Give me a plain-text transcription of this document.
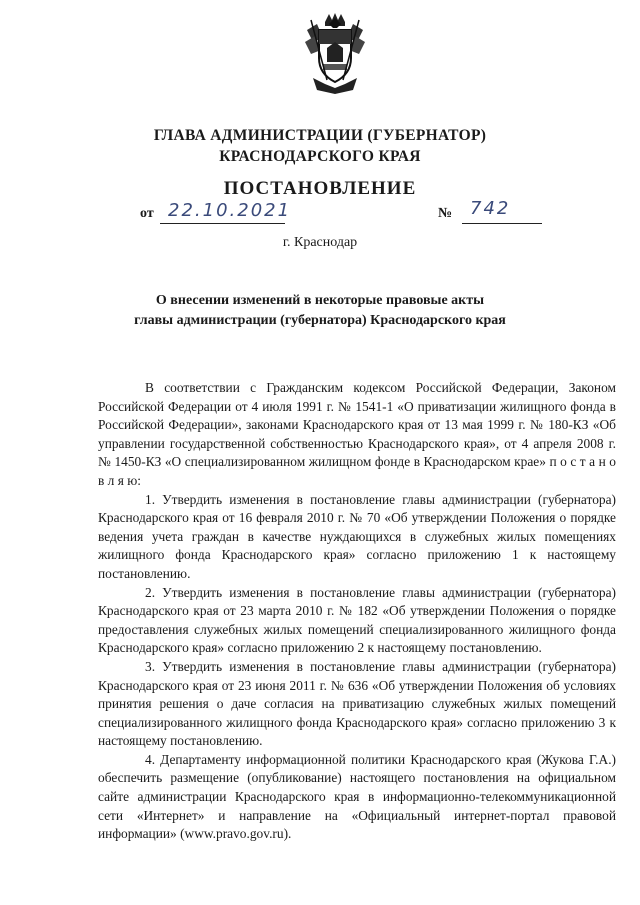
ГЛАВА АДМИНИСТРАЦИИ (ГУБЕРНАТОР)
КРАСНОДАРСКОГО КРАЯ
ПОСТАНОВЛЕНИЕ
от 22.10.2021	№ 742
г. Краснодар
О внесении изменений в некоторые правовые акты
главы администрации (губернатора) Краснодарского края

В соответствии с Гражданским кодексом Российской Федерации, Законом Российской Федерации от 4 июля 1991 г. № 1541-1 «О приватизации жилищного фонда в Российской Федерации», законами Краснодарского края от 13 мая 1999 г. № 180-КЗ «Об управлении государственной собственностью Краснодарского края», от 4 апреля 2008 г. № 1450-КЗ «О специализированном жилищном фонде в Краснодарском крае» п о с т а н о в л я ю:

1. Утвердить изменения в постановление главы администрации (губернатора) Краснодарского края от 16 февраля 2010 г. № 70 «Об утверждении Положения о порядке ведения учета граждан в качестве нуждающихся в служебных жилых помещениях жилищного фонда Краснодарского края» согласно приложению 1 к настоящему постановлению.

2. Утвердить изменения в постановление главы администрации (губернатора) Краснодарского края от 23 марта 2010 г. № 182 «Об утверждении Положения о порядке предоставления служебных жилых помещений специализированного жилищного фонда Краснодарского края» согласно приложению 2 к настоящему постановлению.

3. Утвердить изменения в постановление главы администрации (губернатора) Краснодарского края от 23 июня 2011 г. № 636 «Об утверждении Положения об условиях принятия решения о даче согласия на приватизацию служебных жилых помещений специализированного жилищного фонда Краснодарского края» согласно приложению 3 к настоящему постановлению.

4. Департаменту информационной политики Краснодарского края (Жукова Г.А.) обеспечить размещение (опубликование) настоящего постановления на официальном сайте администрации Краснодарского края в информационно-телекоммуникационной сети «Интернет» и направление на «Официальный интернет-портал правовой информации» (www.pravo.gov.ru).
